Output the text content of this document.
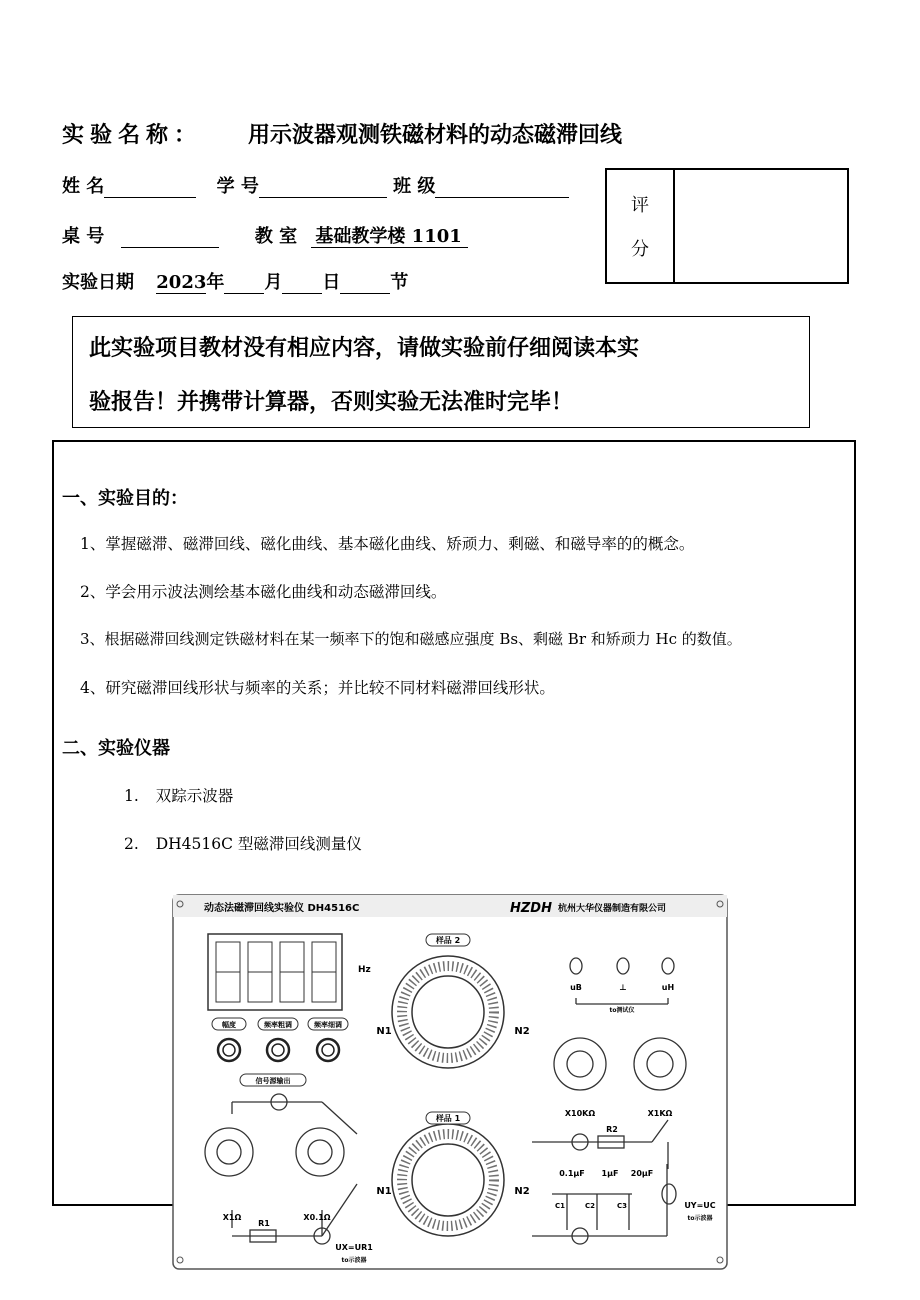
实验名称： 用示波器观测铁磁材料的动态磁滞回线
姓 名	学 号	班 级
桌 号	教 室 基础教学楼 1101
实验日期 2023年 月 日	节
评
分
此实验项目教材没有相应内容，请做实验前仔细阅读本实
验报告！并携带计算器，否则实验无法准时完毕！
一、实验目的：
1、掌握磁滞、磁滞回线、磁化曲线、基本磁化曲线、矫顽力、剩磁、和磁导率的的概念。
2、学会用示波法测绘基本磁化曲线和动态磁滞回线。
3、根据磁滞回线测定铁磁材料在某一频率下的饱和磁感应强度 Bs、剩磁 Br 和矫顽力 Hc 的数值。
4、研究磁滞回线形状与频率的关系；并比较不同材料磁滞回线形状。
二、实验仪器
1. 双踪示波器
2. DH4516C 型磁滞回线测量仪
动态法磁滞回线实验仪 DH4516C	HZDH 杭州大华仪器制造有限公司
Hz
幅度	频率粗调	频率细调
信号源输出
X1Ω	X0.1Ω
R1
UX=UR1
to示波器
样品 2
样品 1
N1	N2
N1	N2
uB	⊥	uH
to测试仪
X10KΩ	X1KΩ
R2
0.1μF 1μF 20μF
C1	C2	C3	UY=UC
to示波器
